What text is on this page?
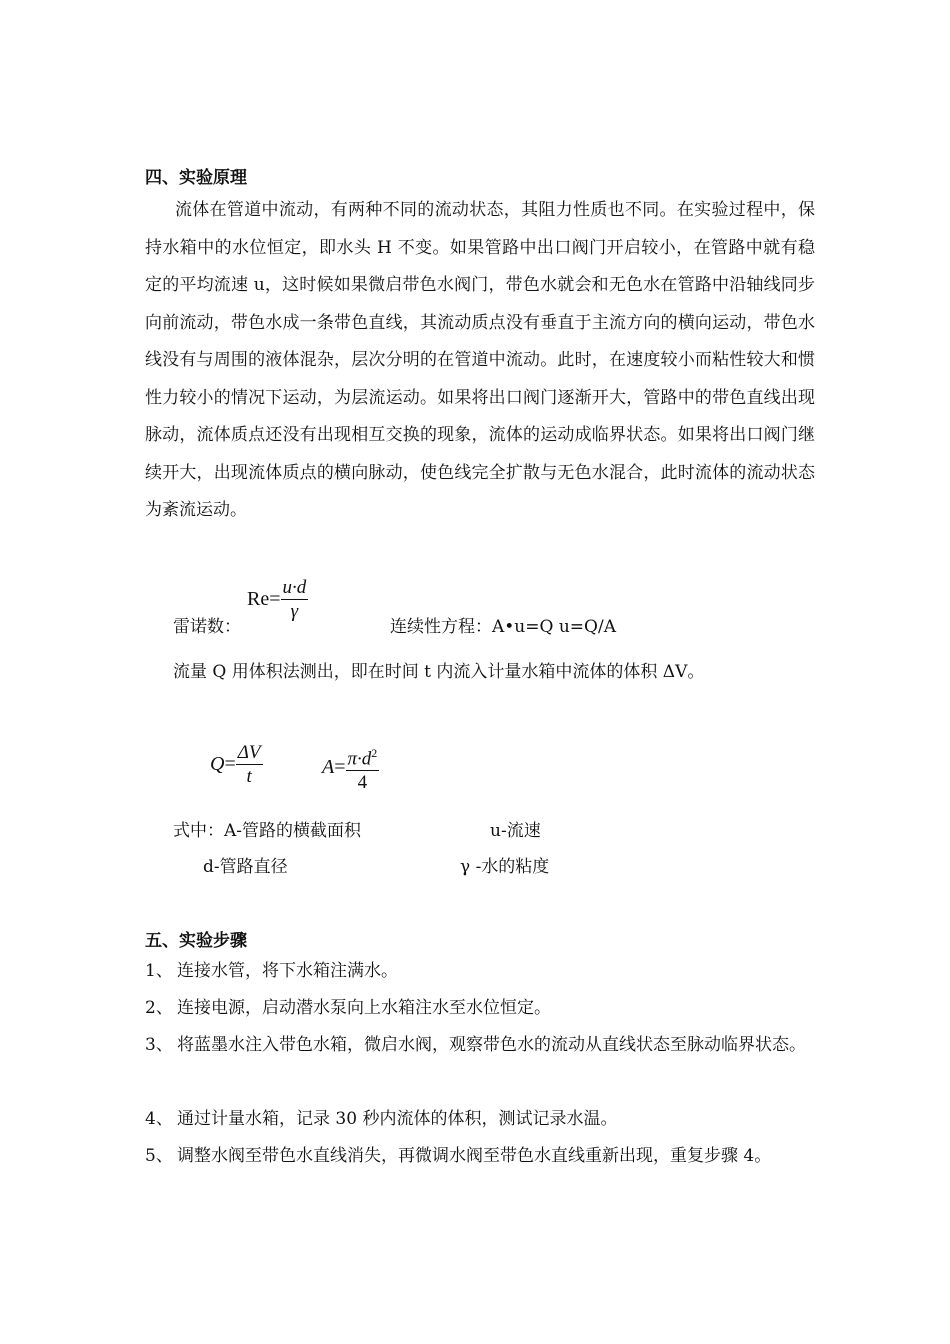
四、实验原理

流体在管道中流动，有两种不同的流动状态，其阻力性质也不同。在实验过程中，保持水箱中的水位恒定，即水头 H 不变。如果管路中出口阀门开启较小，在管路中就有稳定的平均流速 u，这时候如果微启带色水阀门，带色水就会和无色水在管路中沿轴线同步向前流动，带色水成一条带色直线，其流动质点没有垂直于主流方向的横向运动，带色水线没有与周围的液体混杂，层次分明的在管道中流动。此时，在速度较小而粘性较大和惯性力较小的情况下运动，为层流运动。如果将出口阀门逐渐开大，管路中的带色直线出现脉动，流体质点还没有出现相互交换的现象，流体的运动成临界状态。如果将出口阀门继续开大，出现流体质点的横向脉动，使色线完全扩散与无色水混合，此时流体的流动状态为紊流运动。

雷诺数：
$Re= \frac{u\cdot d}{\gamma}$
连续性方程：A•u=Q u=Q/A
流量 Q 用体积法测出，即在时间 t 内流入计量水箱中流体的体积 ΔV。
$Q= \frac{\Delta V}{t}$	$A= \frac{\pi\cdot d^2}{4}$
式中：A-管路的横截面积	u-流速
d-管路直径	γ -水的粘度
五、实验步骤
1、 连接水管，将下水箱注满水。
2、 连接电源，启动潜水泵向上水箱注水至水位恒定。
3、 将蓝墨水注入带色水箱，微启水阀，观察带色水的流动从直线状态至脉动临界状态。
4、 通过计量水箱，记录 30 秒内流体的体积，测试记录水温。
5、 调整水阀至带色水直线消失，再微调水阀至带色水直线重新出现，重复步骤 4。
